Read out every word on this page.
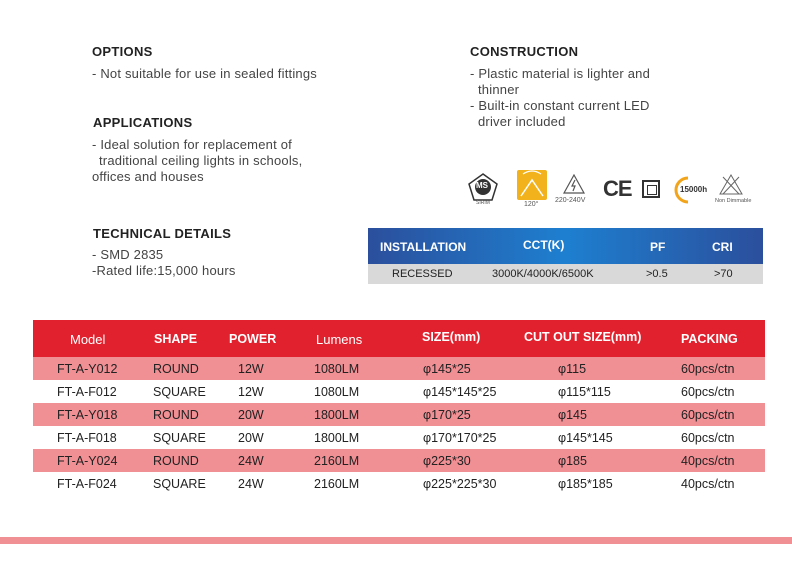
OPTIONS
- Not suitable for use in sealed fittings
APPLICATIONS
- Ideal solution for replacement of
traditional ceiling lights in schools,
offices and houses
TECHNICAL DETAILS
- SMD 2835
-Rated life:15,000 hours
CONSTRUCTION
- Plastic material is lighter and
thinner
- Built-in constant current LED
driver included
MS
SIRIM	120°
220-240V CE	15000h
Non Dimmable
INSTALLATION	CCT(K)	PF	CRI
RECESSED	3000K/4000K/6500K	>0.5	>70
Model	SHAPE	POWER	Lumens	SIZE(mm)	CUT OUT SIZE(mm)	PACKING
FT-A-Y012	ROUND	12W	1080LM	φ145*25	φ115	60pcs/ctn
FT-A-F012	SQUARE	12W	1080LM	φ145*145*25	φ115*115	60pcs/ctn
FT-A-Y018	ROUND	20W	1800LM	φ170*25	φ145	60pcs/ctn
FT-A-F018	SQUARE	20W	1800LM	φ170*170*25	φ145*145	60pcs/ctn
FT-A-Y024	ROUND	24W	2160LM	φ225*30	φ185	40pcs/ctn
FT-A-F024	SQUARE	24W	2160LM	φ225*225*30	φ185*185	40pcs/ctn
